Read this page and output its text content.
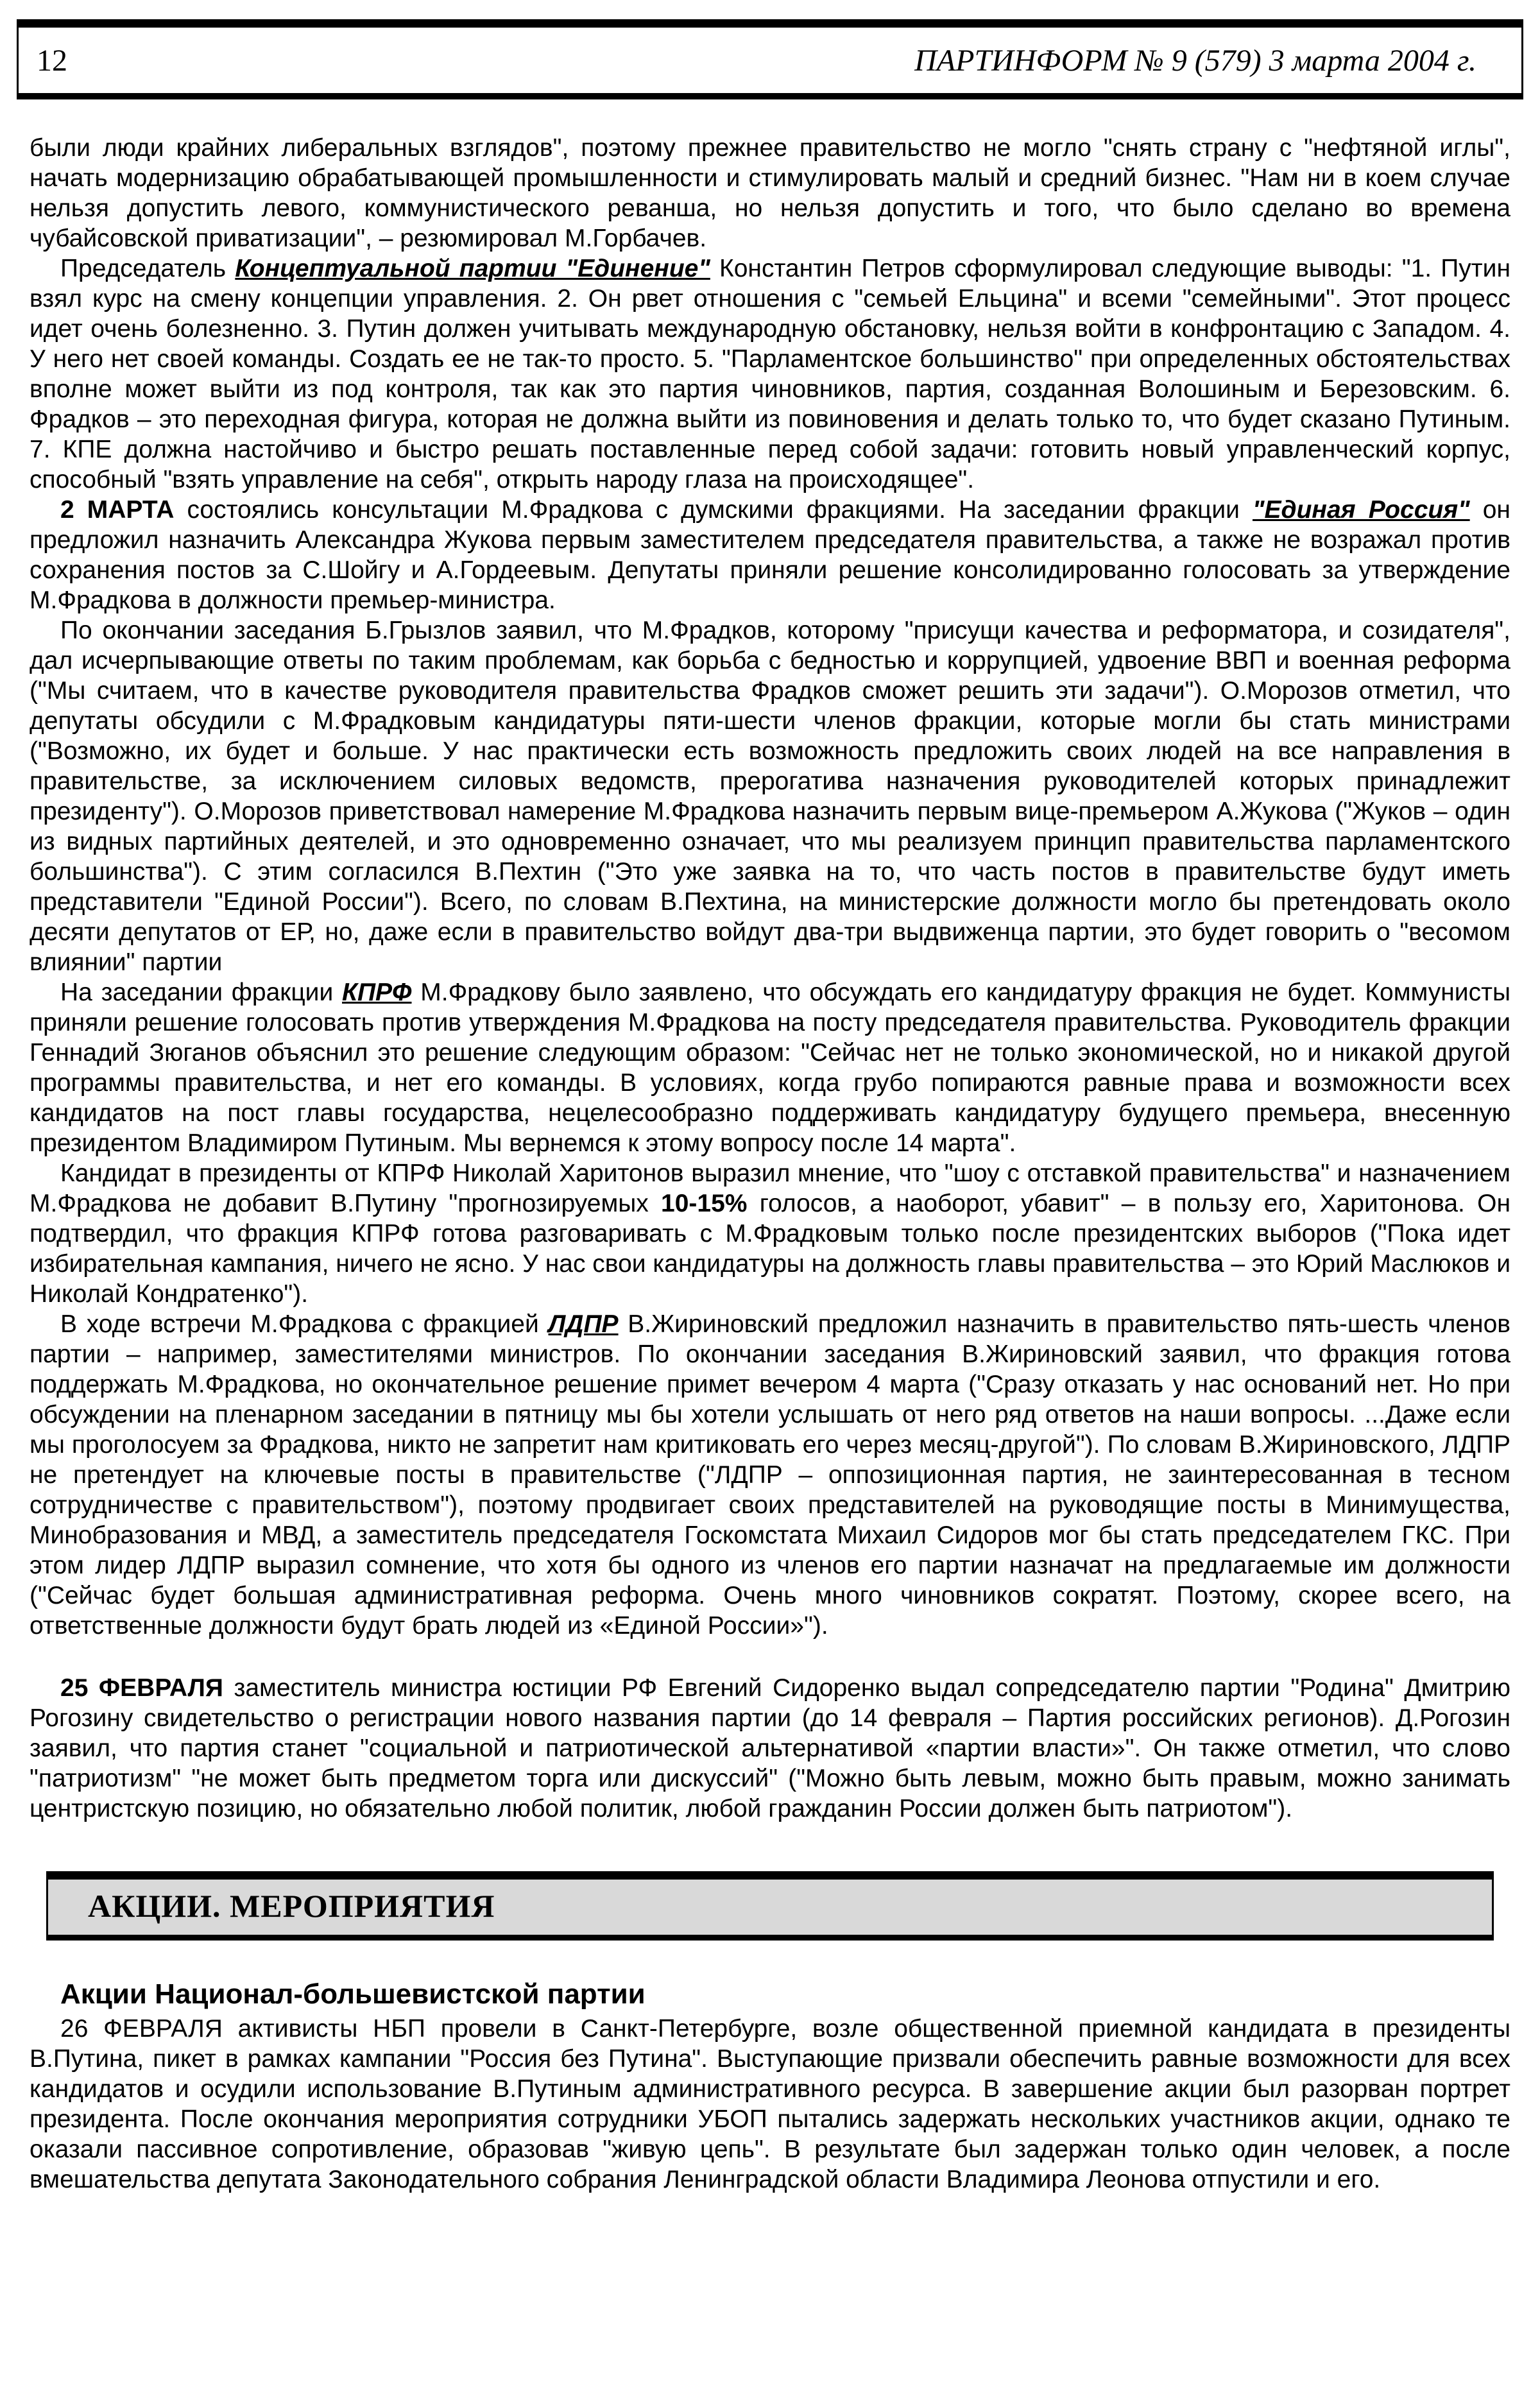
12	ПАРТИНФОРМ № 9 (579) 3 марта 2004 г.

были люди крайних либеральных взглядов", поэтому прежнее правительство не могло "снять страну с "нефтяной иглы", начать модернизацию обрабатывающей промышленности и стимулировать малый и средний бизнес. "Нам ни в коем случае нельзя допустить левого, коммунистического реванша, но нельзя допустить и того, что было сделано во времена чубайсовской приватизации", – резюмировал М.Горбачев.

Председатель Концептуальной партии "Единение" Константин Петров сформулировал следующие выводы: "1. Путин взял курс на смену концепции управления. 2. Он рвет отношения с "семьей Ельцина" и всеми "семейными". Этот процесс идет очень болезненно. 3. Путин должен учитывать международную обстановку, нельзя войти в конфронтацию с Западом. 4. У него нет своей команды. Создать ее не так-то просто. 5. "Парламентское большинство" при определенных обстоятельствах вполне может выйти из под контроля, так как это партия чиновников, партия, созданная Волошиным и Березовским. 6. Фрадков – это переходная фигура, которая не должна выйти из повиновения и делать только то, что будет сказано Путиным. 7. КПЕ должна настойчиво и быстро решать поставленные перед собой задачи: готовить новый управленческий корпус, способный "взять управление на себя", открыть народу глаза на происходящее".

2 МАРТА состоялись консультации М.Фрадкова с думскими фракциями. На заседании фракции "Единая Россия" он предложил назначить Александра Жукова первым заместителем председателя правительства, а также не возражал против сохранения постов за С.Шойгу и А.Гордеевым. Депутаты приняли решение консолидированно голосовать за утверждение М.Фрадкова в должности премьер-министра.

По окончании заседания Б.Грызлов заявил, что М.Фрадков, которому "присущи качества и реформатора, и созидателя", дал исчерпывающие ответы по таким проблемам, как борьба с бедностью и коррупцией, удвоение ВВП и военная реформа ("Мы считаем, что в качестве руководителя правительства Фрадков сможет решить эти задачи"). О.Морозов отметил, что депутаты обсудили с М.Фрадковым кандидатуры пяти-шести членов фракции, которые могли бы стать министрами ("Возможно, их будет и больше. У нас практически есть возможность предложить своих людей на все направления в правительстве, за исключением силовых ведомств, прерогатива назначения руководителей которых принадлежит президенту"). О.Морозов приветствовал намерение М.Фрадкова назначить первым вице-премьером А.Жукова ("Жуков – один из видных партийных деятелей, и это одновременно означает, что мы реализуем принцип правительства парламентского большинства"). С этим согласился В.Пехтин ("Это уже заявка на то, что часть постов в правительстве будут иметь представители "Единой России"). Всего, по словам В.Пехтина, на министерские должности могло бы претендовать около десяти депутатов от ЕР, но, даже если в правительство войдут два-три выдвиженца партии, это будет говорить о "весомом влиянии" партии

На заседании фракции КПРФ М.Фрадкову было заявлено, что обсуждать его кандидатуру фракция не будет. Коммунисты приняли решение голосовать против утверждения М.Фрадкова на посту председателя правительства. Руководитель фракции Геннадий Зюганов объяснил это решение следующим образом: "Сейчас нет не только экономической, но и никакой другой программы правительства, и нет его команды. В условиях, когда грубо попираются равные права и возможности всех кандидатов на пост главы государства, нецелесообразно поддерживать кандидатуру будущего премьера, внесенную президентом Владимиром Путиным. Мы вернемся к этому вопросу после 14 марта".

Кандидат в президенты от КПРФ Николай Харитонов выразил мнение, что "шоу с отставкой правительства" и назначением М.Фрадкова не добавит В.Путину "прогнозируемых 10-15% голосов, а наоборот, убавит" – в пользу его, Харитонова. Он подтвердил, что фракция КПРФ готова разговаривать с М.Фрадковым только после президентских выборов ("Пока идет избирательная кампания, ничего не ясно. У нас свои кандидатуры на должность главы правительства – это Юрий Маслюков и Николай Кондратенко").

В ходе встречи М.Фрадкова с фракцией ЛДПР В.Жириновский предложил назначить в правительство пять-шесть членов партии – например, заместителями министров. По окончании заседания В.Жириновский заявил, что фракция готова поддержать М.Фрадкова, но окончательное решение примет вечером 4 марта ("Сразу отказать у нас оснований нет. Но при обсуждении на пленарном заседании в пятницу мы бы хотели услышать от него ряд ответов на наши вопросы. ...Даже если мы проголосуем за Фрадкова, никто не запретит нам критиковать его через месяц-другой"). По словам В.Жириновского, ЛДПР не претендует на ключевые посты в правительстве ("ЛДПР – оппозиционная партия, не заинтересованная в тесном сотрудничестве с правительством"), поэтому продвигает своих представителей на руководящие посты в Минимущества, Минобразования и МВД, а заместитель председателя Госкомстата Михаил Сидоров мог бы стать председателем ГКС. При этом лидер ЛДПР выразил сомнение, что хотя бы одного из членов его партии назначат на предлагаемые им должности ("Сейчас будет большая административная реформа. Очень много чиновников сократят. Поэтому, скорее всего, на ответственные должности будут брать людей из «Единой России»").

25 ФЕВРАЛЯ заместитель министра юстиции РФ Евгений Сидоренко выдал сопредседателю партии "Родина" Дмитрию Рогозину свидетельство о регистрации нового названия партии (до 14 февраля – Партия российских регионов). Д.Рогозин заявил, что партия станет "социальной и патриотической альтернативой «партии власти»". Он также отметил, что слово "патриотизм" "не может быть предметом торга или дискуссий" ("Можно быть левым, можно быть правым, можно занимать центристскую позицию, но обязательно любой политик, любой гражданин России должен быть патриотом").

АКЦИИ. МЕРОПРИЯТИЯ
Акции Национал-большевистской партии

26 ФЕВРАЛЯ активисты НБП провели в Санкт-Петербурге, возле общественной приемной кандидата в президенты В.Путина, пикет в рамках кампании "Россия без Путина". Выступающие призвали обеспечить равные возможности для всех кандидатов и осудили использование В.Путиным административного ресурса. В завершение акции был разорван портрет президента. После окончания мероприятия сотрудники УБОП пытались задержать нескольких участников акции, однако те оказали пассивное сопротивление, образовав "живую цепь". В результате был задержан только один человек, а после вмешательства депутата Законодательного собрания Ленинградской области Владимира Леонова отпустили и его.
